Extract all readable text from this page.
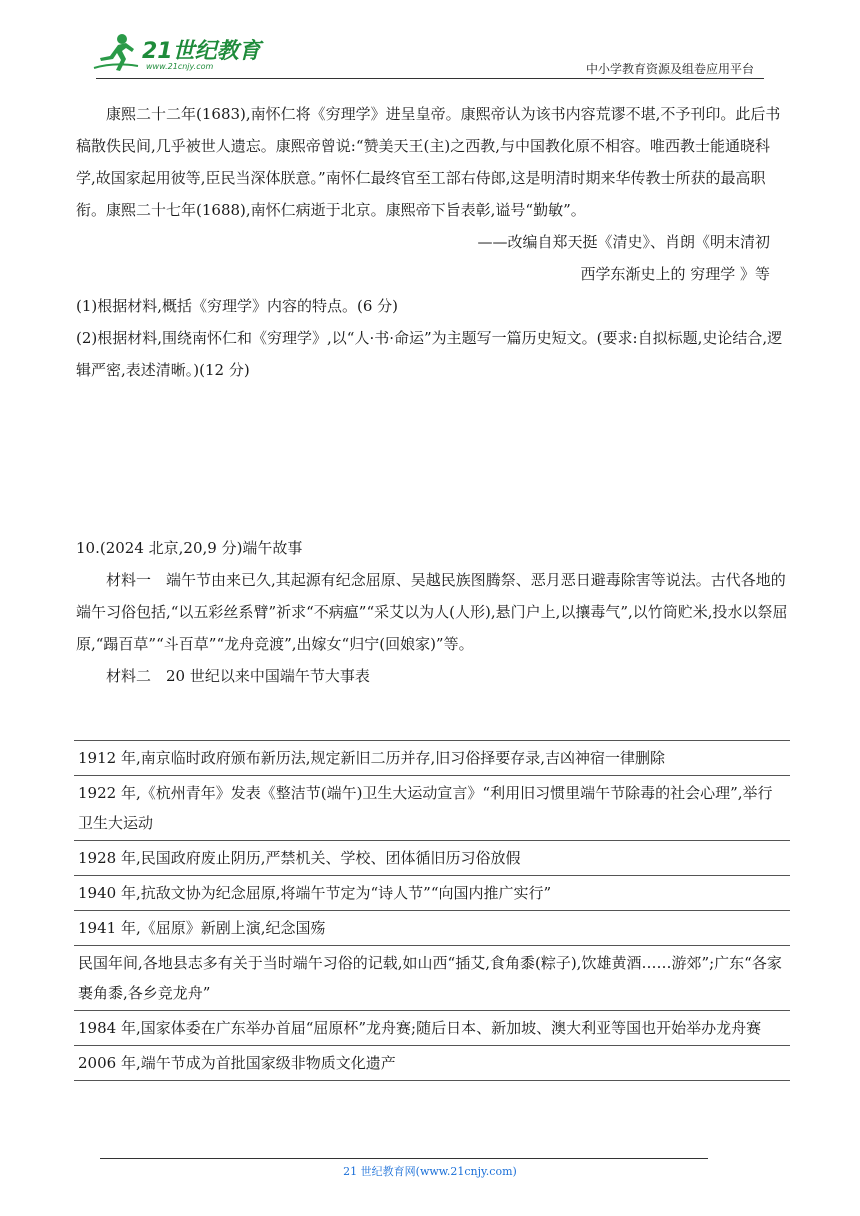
21世纪教育
www.21cnjy.com	中小学教育资源及组卷应用平台

康熙二十二年(1683),南怀仁将《穷理学》进呈皇帝。康熙帝认为该书内容荒谬不堪,不予刊印。此后书稿散佚民间,几乎被世人遗忘。康熙帝曾说:“赞美天王(主)之西教,与中国教化原不相容。唯西教士能通晓科学,故国家起用彼等,臣民当深体朕意。”南怀仁最终官至工部右侍郎,这是明清时期来华传教士所获的最高职衔。康熙二十七年(1688),南怀仁病逝于北京。康熙帝下旨表彰,谥号“勤敏”。

——改编自郑天挺《清史》、肖朗《明末清初

西学东渐史上的 穷理学 》等

(1)根据材料,概括《穷理学》内容的特点。(6 分)

(2)根据材料,围绕南怀仁和《穷理学》,以“人·书·命运”为主题写一篇历史短文。(要求:自拟标题,史论结合,逻辑严密,表述清晰。)(12 分)

10.(2024 北京,20,9 分)端午故事

材料一　端午节由来已久,其起源有纪念屈原、吴越民族图腾祭、恶月恶日避毒除害等说法。古代各地的端午习俗包括,“以五彩丝系臂”祈求“不病瘟”“采艾以为人(人形),悬门户上,以攘毒气”,以竹筒贮米,投水以祭屈原,“蹋百草”“斗百草”“龙舟竞渡”,出嫁女“归宁(回娘家)”等。

材料二　20 世纪以来中国端午节大事表

1912 年,南京临时政府颁布新历法,规定新旧二历并存,旧习俗择要存录,吉凶神宿一律删除
1922 年,《杭州青年》发表《整洁节(端午)卫生大运动宣言》“利用旧习惯里端午节除毒的社会心理”,举行卫生大运动
1928 年,民国政府废止阴历,严禁机关、学校、团体循旧历习俗放假
1940 年,抗敌文协为纪念屈原,将端午节定为“诗人节”“向国内推广实行”
1941 年,《屈原》新剧上演,纪念国殇
民国年间,各地县志多有关于当时端午习俗的记载,如山西“插艾,食角黍(粽子),饮雄黄酒……游郊”;广东“各家裹角黍,各乡竞龙舟”
1984 年,国家体委在广东举办首届“屈原杯”龙舟赛;随后日本、新加坡、澳大利亚等国也开始举办龙舟赛
2006 年,端午节成为首批国家级非物质文化遗产
21 世纪教育网(www.21cnjy.com)
